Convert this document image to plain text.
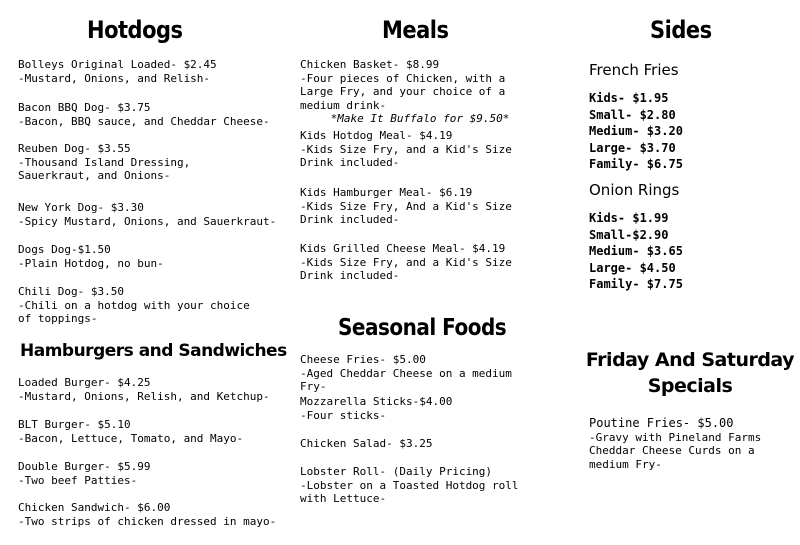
Hotdogs

Bolleys Original Loaded- $2.45
-Mustard, Onions, and Relish-

Bacon BBQ Dog- $3.75
-Bacon, BBQ sauce, and Cheddar Cheese-

Reuben Dog- $3.55
-Thousand Island Dressing, Sauerkraut, and Onions-

New York Dog- $3.30
-Spicy Mustard, Onions, and Sauerkraut-

Dogs Dog-$1.50
-Plain Hotdog, no bun-

Chili Dog- $3.50
-Chili on a hotdog with your choice of toppings-

Hamburgers and Sandwiches

Loaded Burger- $4.25
-Mustard, Onions, Relish, and Ketchup-

BLT Burger- $5.10
-Bacon, Lettuce, Tomato, and Mayo-

Double Burger- $5.99
-Two beef Patties-

Chicken Sandwich- $6.00
-Two strips of chicken dressed in mayo-

Meals

Chicken Basket- $8.99
-Four pieces of Chicken, with a Large Fry, and your choice of a medium drink-
*Make It Buffalo for $9.50*

Kids Hotdog Meal- $4.19
-Kids Size Fry, and a Kid's Size Drink included-

Kids Hamburger Meal- $6.19
-Kids Size Fry, And a Kid's Size Drink included-

Kids Grilled Cheese Meal- $4.19
-Kids Size Fry, and a Kid's Size Drink included-

Seasonal Foods

Cheese Fries- $5.00
-Aged Cheddar Cheese on a medium Fry-

Mozzarella Sticks-$4.00
-Four sticks-

Chicken Salad- $3.25

Lobster Roll- (Daily Pricing)
-Lobster on a Toasted Hotdog roll with Lettuce-

Sides

French Fries

Kids- $1.95
Small- $2.80
Medium- $3.20
Large- $3.70
Family- $6.75

Onion Rings

Kids- $1.99
Small-$2.90
Medium- $3.65
Large- $4.50
Family- $7.75
Friday And Saturday
Specials

Poutine Fries- $5.00
-Gravy with Pineland Farms Cheddar Cheese Curds on a medium Fry-
